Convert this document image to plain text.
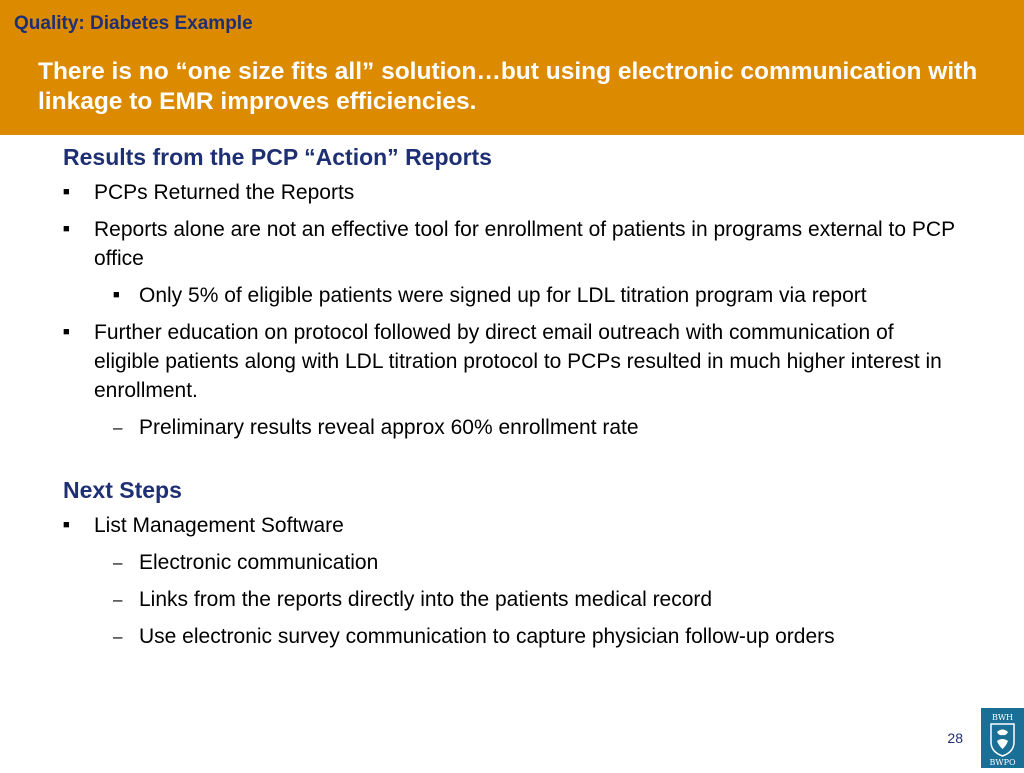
Quality: Diabetes Example
There is no “one size fits all” solution…but using electronic communication with linkage to EMR improves efficiencies.
Results from the PCP “Action” Reports
■	PCPs Returned the Reports
■	Reports alone are not an effective tool for enrollment of patients in programs external to PCP office
■ Only 5% of eligible patients were signed up for LDL titration program via report
■	Further education on protocol followed by direct email outreach with communication of eligible patients along with LDL titration protocol to PCPs resulted in much higher interest in enrollment.
– Preliminary results reveal approx 60% enrollment rate
Next Steps
■	List Management Software
– Electronic communication
– Links from the reports directly into the patients medical record
– Use electronic survey communication to capture physician follow-up orders
28
BWH
BWPO
